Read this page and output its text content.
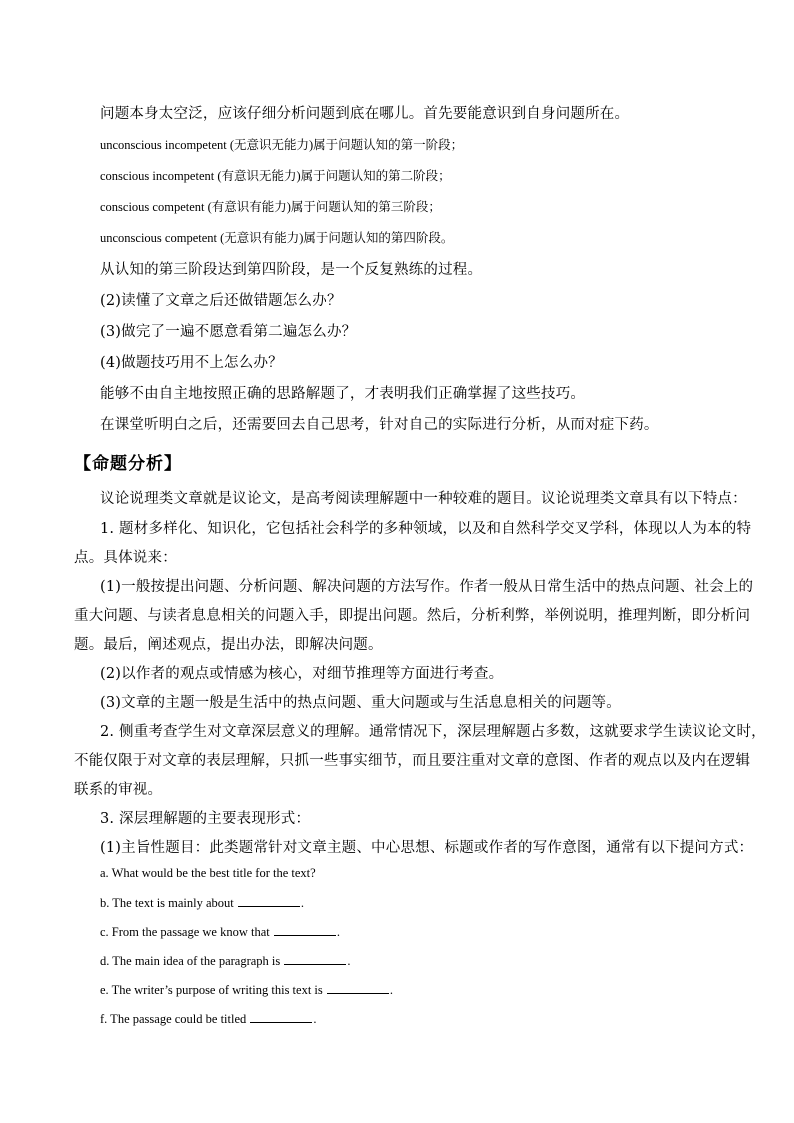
问题本身太空泛，应该仔细分析问题到底在哪儿。首先要能意识到自身问题所在。
unconscious incompetent (无意识无能力)属于问题认知的第一阶段；
conscious incompetent (有意识无能力)属于问题认知的第二阶段；
conscious competent (有意识有能力)属于问题认知的第三阶段；
unconscious competent (无意识有能力)属于问题认知的第四阶段。
从认知的第三阶段达到第四阶段，是一个反复熟练的过程。
(2)读懂了文章之后还做错题怎么办？
(3)做完了一遍不愿意看第二遍怎么办？
(4)做题技巧用不上怎么办？
能够不由自主地按照正确的思路解题了，才表明我们正确掌握了这些技巧。
在课堂听明白之后，还需要回去自己思考，针对自己的实际进行分析，从而对症下药。
【命题分析】
议论说理类文章就是议论文，是高考阅读理解题中一种较难的题目。议论说理类文章具有以下特点：
1. 题材多样化、知识化，它包括社会科学的多种领域，以及和自然科学交叉学科，体现以人为本的特
点。具体说来：
(1)一般按提出问题、分析问题、解决问题的方法写作。作者一般从日常生活中的热点问题、社会上的
重大问题、与读者息息相关的问题入手，即提出问题。然后，分析利弊，举例说明，推理判断，即分析问
题。最后，阐述观点，提出办法，即解决问题。
(2)以作者的观点或情感为核心，对细节推理等方面进行考查。
(3)文章的主题一般是生活中的热点问题、重大问题或与生活息息相关的问题等。
2. 侧重考查学生对文章深层意义的理解。通常情况下，深层理解题占多数，这就要求学生读议论文时，
不能仅限于对文章的表层理解，只抓一些事实细节，而且要注重对文章的意图、作者的观点以及内在逻辑
联系的审视。
3. 深层理解题的主要表现形式：
(1)主旨性题目：此类题常针对文章主题、中心思想、标题或作者的写作意图，通常有以下提问方式：
a. What would be the best title for the text?
b. The text is mainly about	.
c. From the passage we know that	.
d. The main idea of the paragraph is	.
e. The writer’s purpose of writing this text is	.
f. The passage could be titled	.
